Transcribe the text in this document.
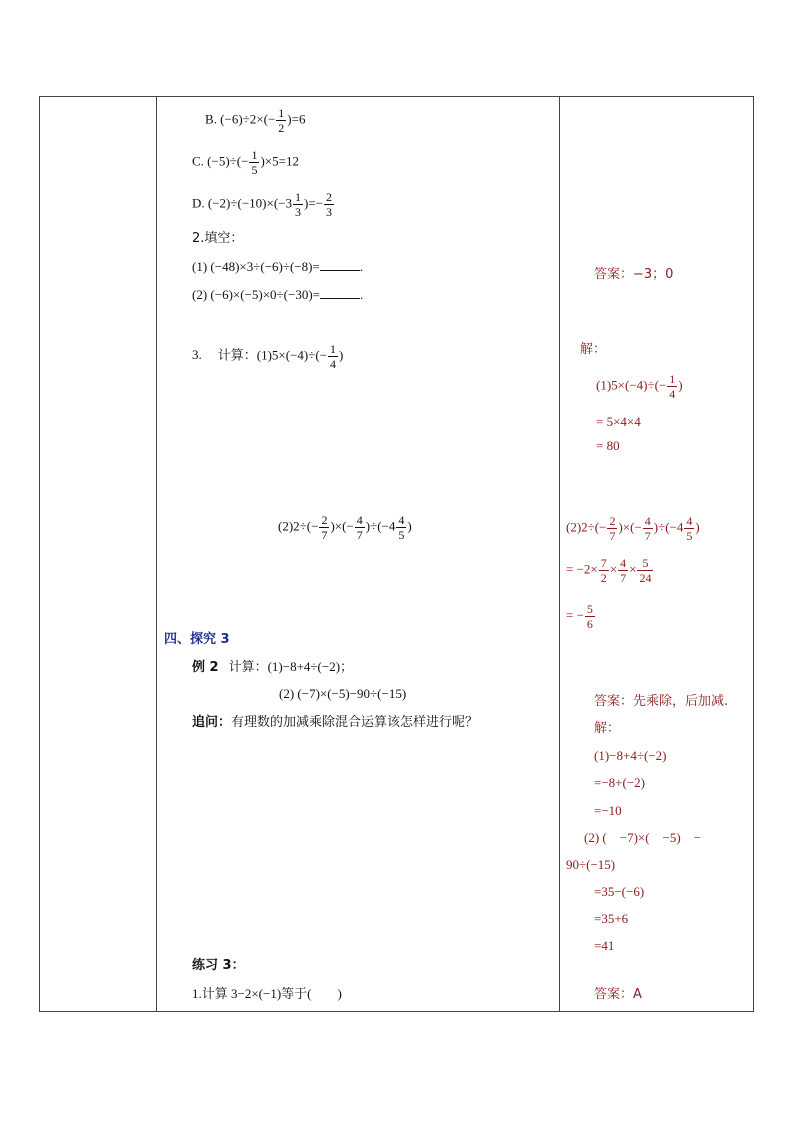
B. $(-6)\div 2\times(- \frac{1}{2} )=6$
C. $(-5)\div(- \frac{1}{5} )\times 5=12$
D. $(-2)\div(-10)\times(-3 \frac{1}{3}$ )=− $\frac{2}{3}$
2.填空：
(1) (−48)×3÷(−6)÷(−8)=	.
(2) (−6)×(−5)×0÷(−30)=	.
3. 计算：$(1)5\times(-4)\div(- \frac{1}{4}$ )
$(2)2\div(- \frac{2}{7}$ )×(− $\frac{4}{7} )\div(-4 \frac{4}{5}$ )
四、探究 3
例 2 计算：(1)−8+4÷(−2)；
(2) (−7)×(−5)−90÷(−15)
追问：有理数的加减乘除混合运算该怎样进行呢？
练习 3：
1.计算 3−2×(−1)等于(　　)
答案：−3；0
解：
$(1)5\times(-4)\div(- \frac{1}{4}$ )
= 5×4×4
= 80
$(2)2\div(- \frac{2}{7}$ )×(− $\frac{4}{7} )\div(-4 \frac{4}{5}$ )
= $-2\times \frac{7}{2} \times \frac{4}{7} \times \frac{5}{24}$
= − $\frac{5}{6}$
答案：先乘除，后加减.
解：
(1)−8+4÷(−2)
=−8+(−2)
=−10
(2) (　−7)×(　−5)　−
90÷(−15)
=35−(−6)
=35+6
=41
答案：A
